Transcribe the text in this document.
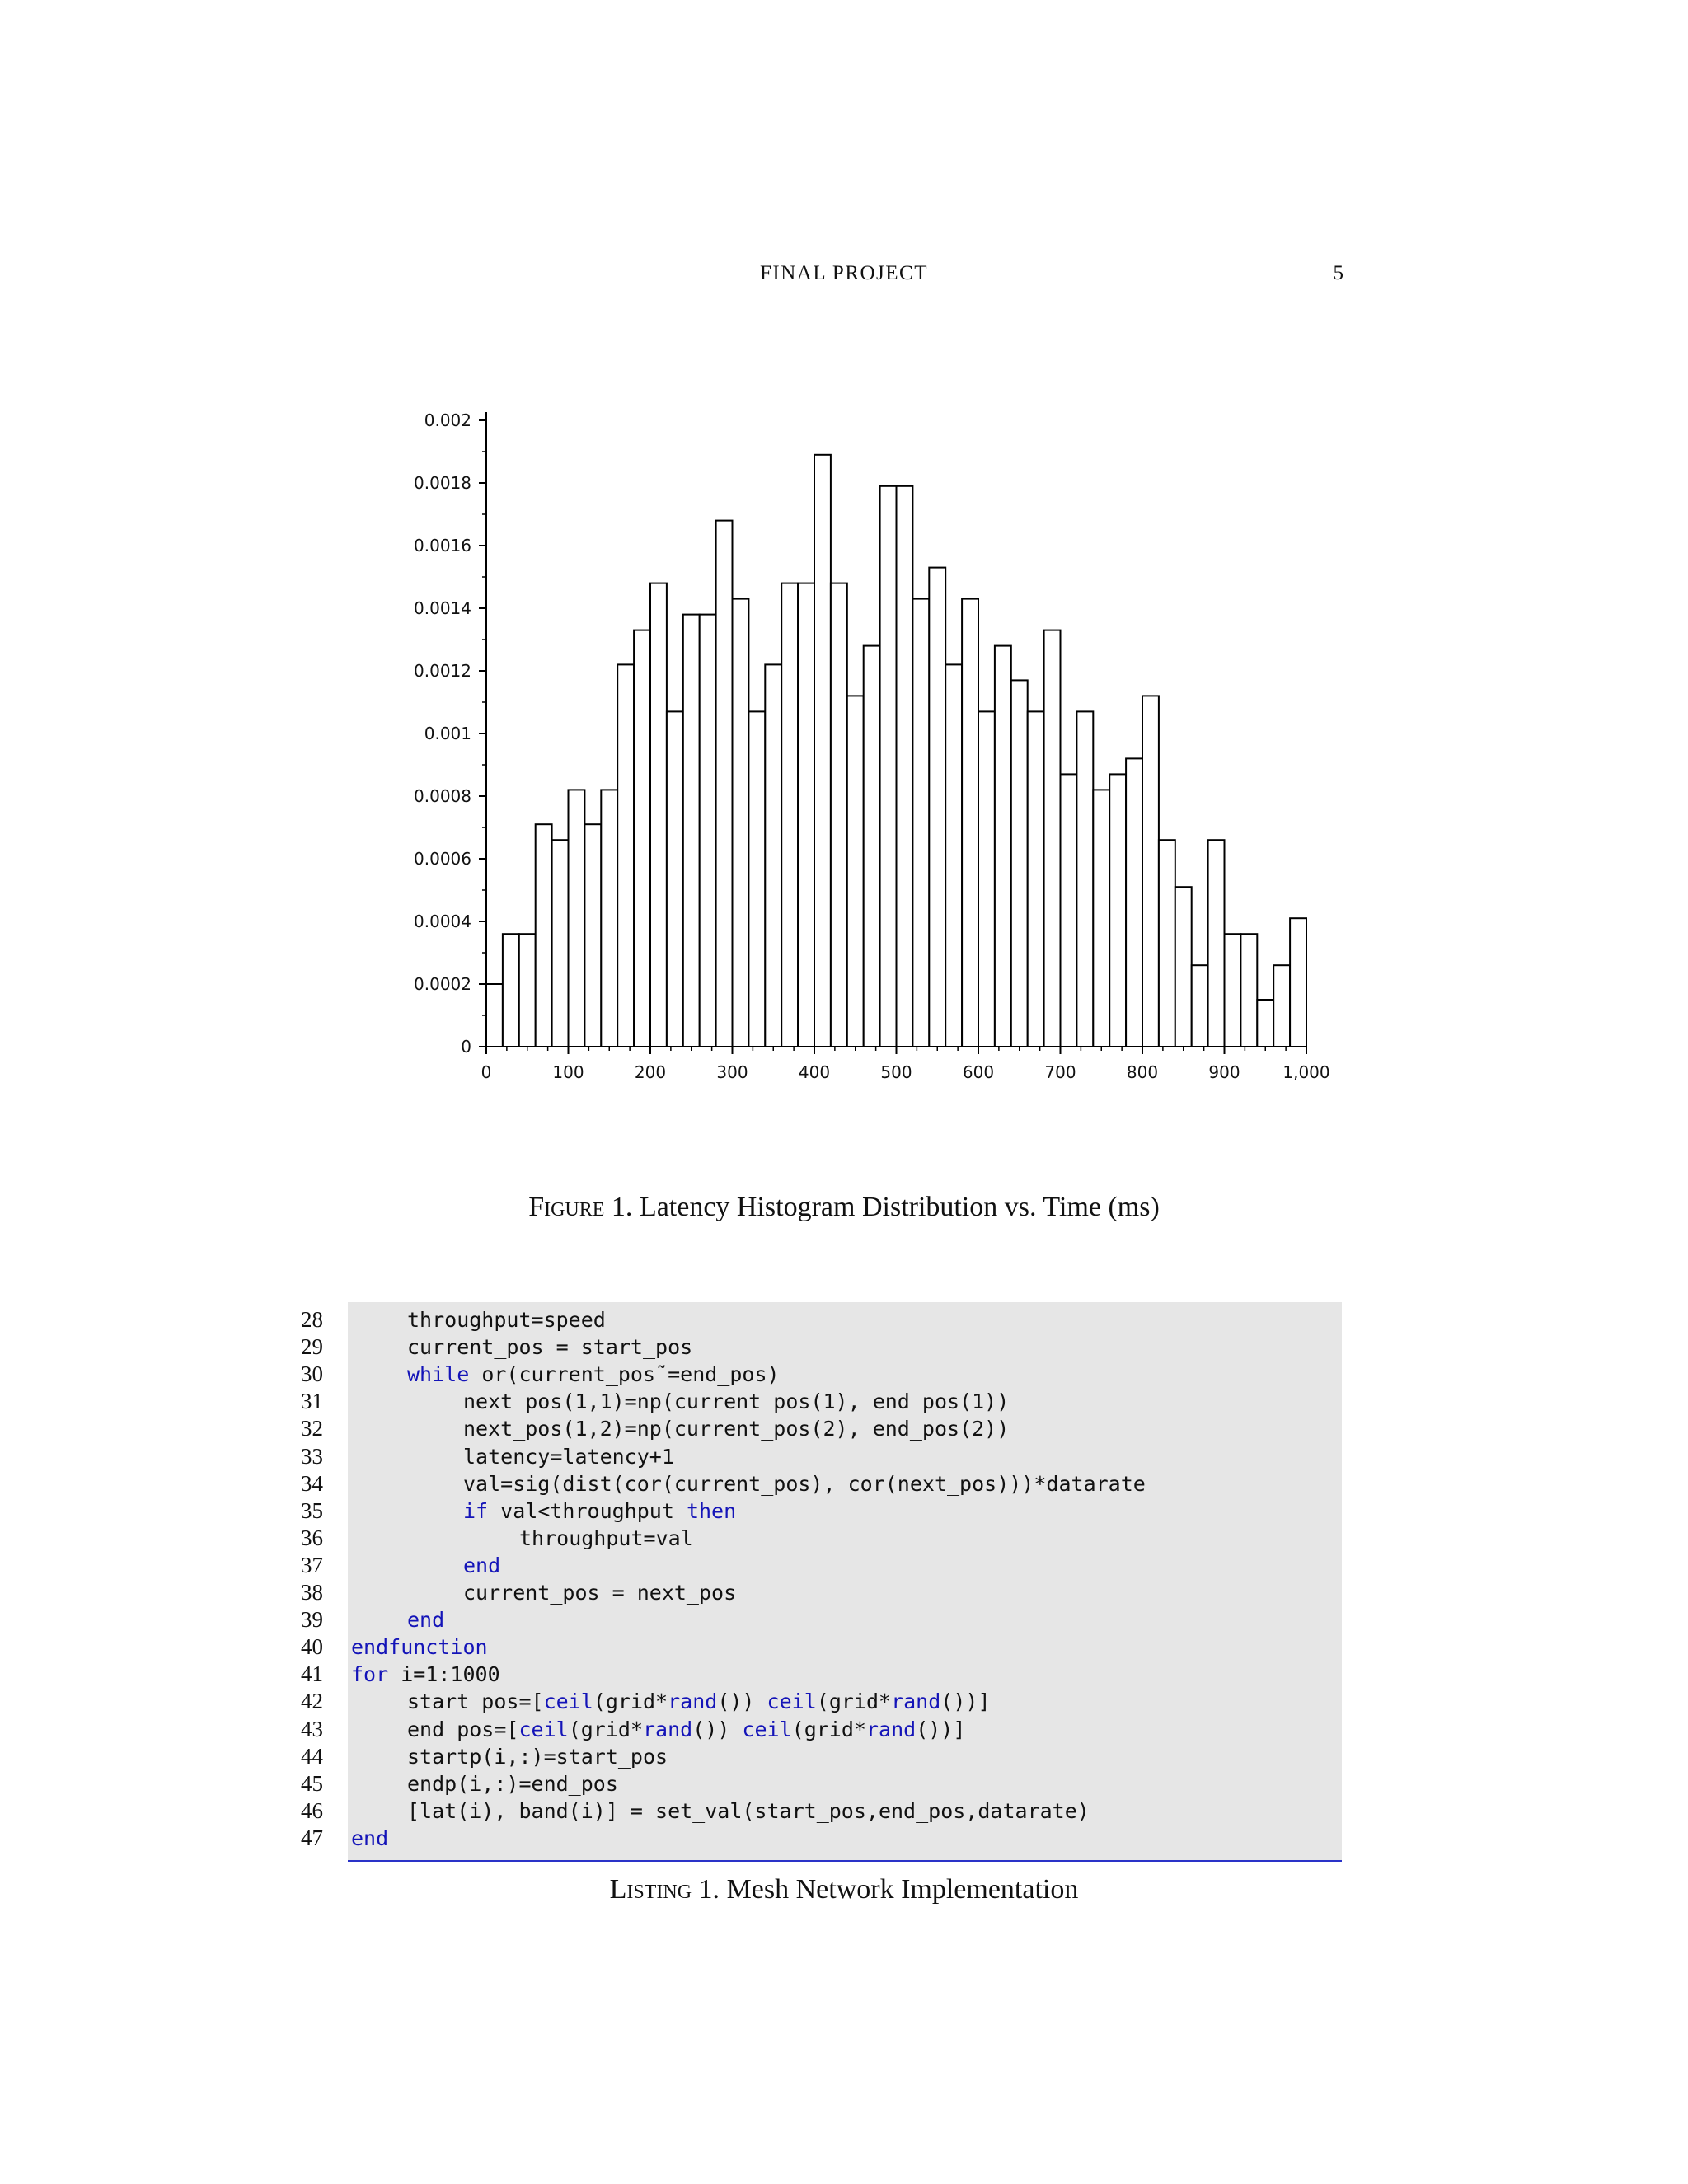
FINAL PROJECT	5
0
0.0002
0.0004
0.0006
0.0008
0.001
0.0012
0.0014
0.0016
0.0018
0.002
0	100	200	300	400	500	600	700	800	900	1,000
Figure 1. Latency Histogram Distribution vs. Time (ms)
throughput=speed
current_pos = start_pos
while or(current_pos˜=end_pos)
next_pos(1,1)=np(current_pos(1), end_pos(1))
next_pos(1,2)=np(current_pos(2), end_pos(2))
latency=latency+1
val=sig(dist(cor(current_pos), cor(next_pos)))*datarate
if val<throughput then
throughput=val
end
current_pos = next_pos
end
endfunction
for i=1:1000
start_pos=[ceil(grid*rand()) ceil(grid*rand())]
end_pos=[ceil(grid*rand()) ceil(grid*rand())]
startp(i,:)=start_pos
endp(i,:)=end_pos
[lat(i), band(i)] = set_val(start_pos,end_pos,datarate)
end
28
29
30
31
32
33
34
35
36
37
38
39
40
41
42
43
44
45
46
47
Listing 1. Mesh Network Implementation
